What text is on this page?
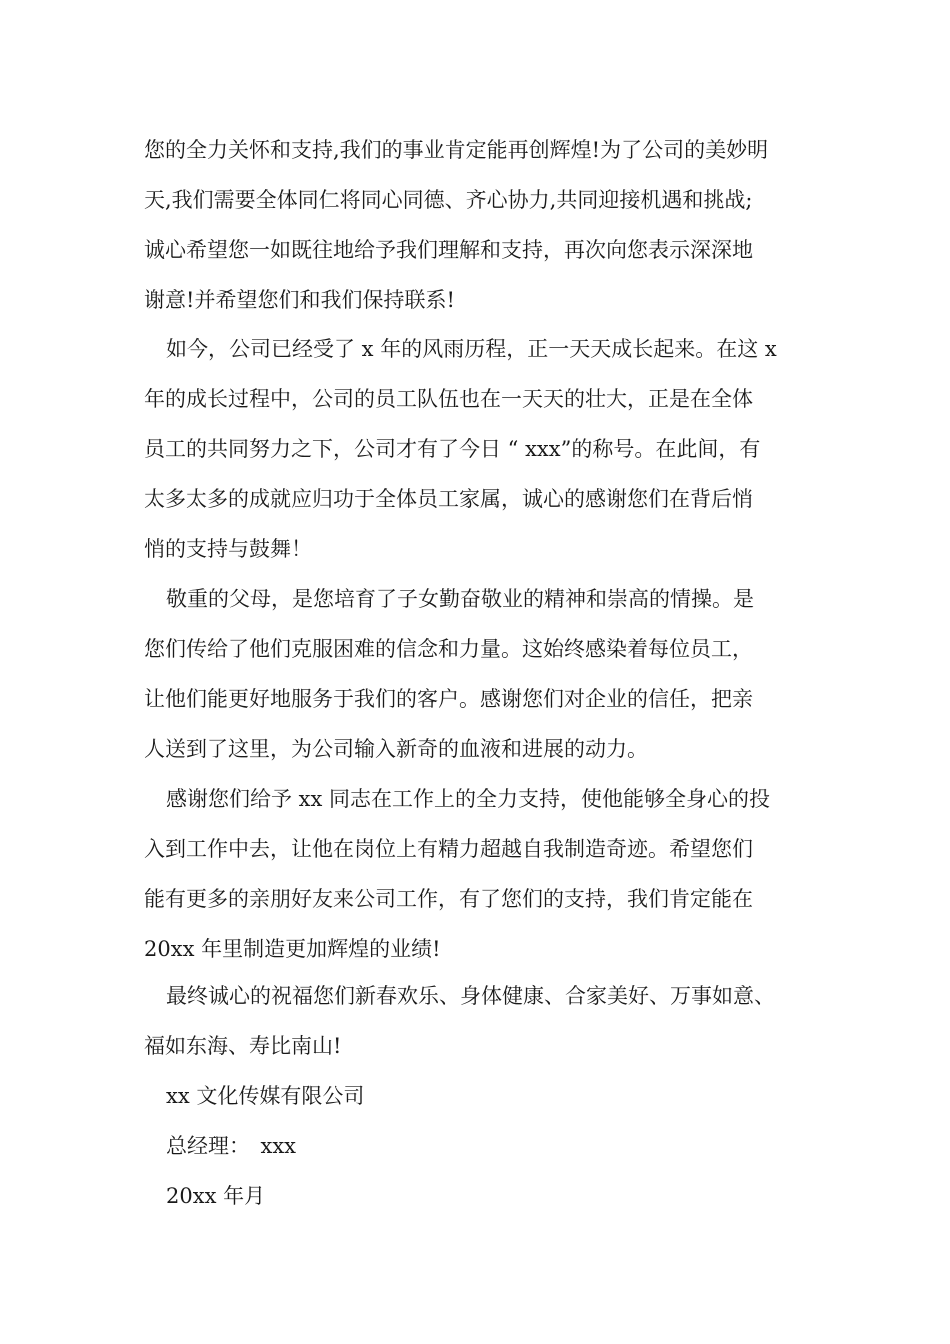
您的全力关怀和支持,我们的事业肯定能再创辉煌!为了公司的美妙明
天,我们需要全体同仁将同心同德、齐心协力,共同迎接机遇和挑战;
诚心希望您一如既往地给予我们理解和支持，再次向您表示深深地
谢意!并希望您们和我们保持联系!
如今，公司已经受了 x 年的风雨历程，正一天天成长起来。在这 x
年的成长过程中，公司的员工队伍也在一天天的壮大，正是在全体
员工的共同努力之下，公司才有了今日 “ xxx”的称号。在此间，有
太多太多的成就应归功于全体员工家属，诚心的感谢您们在背后悄
悄的支持与鼓舞！
敬重的父母，是您培育了子女勤奋敬业的精神和崇高的情操。是
您们传给了他们克服困难的信念和力量。这始终感染着每位员工，
让他们能更好地服务于我们的客户。感谢您们对企业的信任，把亲
人送到了这里，为公司输入新奇的血液和进展的动力。
感谢您们给予 xx 同志在工作上的全力支持，使他能够全身心的投
入到工作中去，让他在岗位上有精力超越自我制造奇迹。希望您们
能有更多的亲朋好友来公司工作，有了您们的支持，我们肯定能在
20xx 年里制造更加辉煌的业绩!
最终诚心的祝福您们新春欢乐、身体健康、合家美好、万事如意、
福如东海、寿比南山!
xx 文化传媒有限公司
总经理：　xxx
20xx 年月
